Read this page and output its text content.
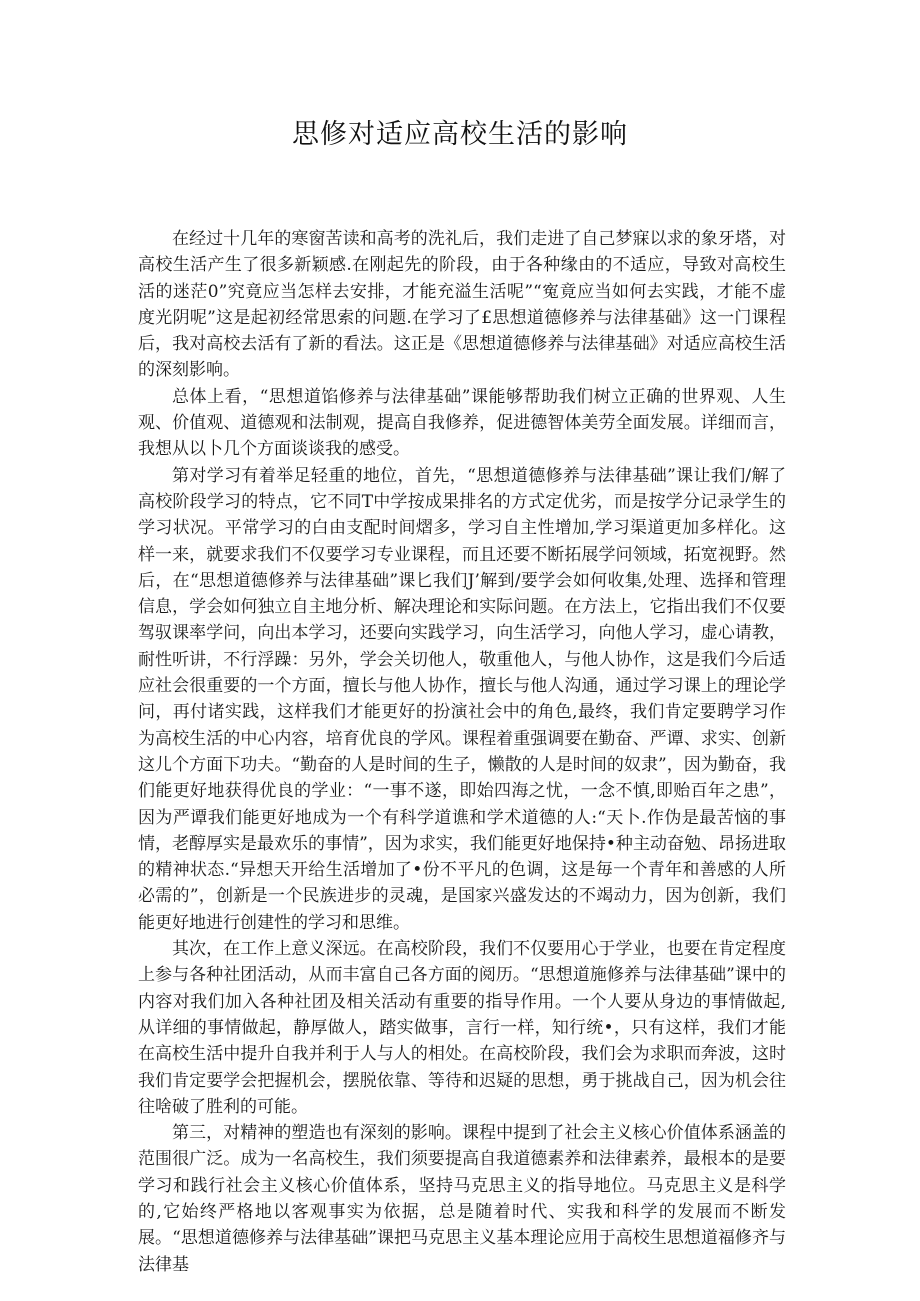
思修对适应高校生活的影响

在经过十几年的寒窗苦读和高考的洗礼后，我们走进了自己梦寐以求的象牙塔，对高校生活产生了很多新颖感.在刚起先的阶段，由于各种缘由的不适应，导致对高校生活的迷茫0”究竟应当怎样去安排，才能充溢生活呢”“寃竟应当如何去实践，才能不虚度光阴呢”这是起初经常思索的问题.在学习了£思想道德修养与法律基础》这一门课程后，我对高校去活有了新的看法。这正是《思想道德修养与法律基础》对适应高校生活的深刻影响。

总体上看，“思想道馅修养与法律基础”课能够帮助我们树立正确的世界观、人生观、价值观、道德观和法制观，提高自我修养，促进德智体美劳全面发展。详细而言，我想从以卜几个方面谈谈我的感受。

第对学习有着举足轻重的地位，首先，“思想道德修养与法律基础”课让我们/解了高校阶段学习的特点，它不同T中学按成果排名的方式定优劣，而是按学分记录学生的学习状况。平常学习的白由支配时间熠多，学习自主性增加,学习渠道更加多样化。这样一来，就要求我们不仅要学习专业课程，而且还要不断拓展学问领域，拓宽视野。然后，在“思想道德修养与法律基础”课匕我们J’解到/要学会如何收集,处理、选择和管理信息，学会如何独立自主地分析、解决理论和实际问题。在方法上，它指出我们不仅要驾驭课率学问，向出本学习，还要向实践学习，向生活学习，向他人学习，虚心请教，耐性听讲，不行浮躁：另外，学会关切他人，敬重他人，与他人协作，这是我们今后适应社会很重要的一个方面，擅长与他人协作，擅长与他人沟通，通过学习课上的理论学问，再付诸实践，这样我们才能更好的扮演社会中的角色,最终，我们肯定要聘学习作为高校生活的中心内容，培育优良的学风。课程着重强调要在勤奋、严谭、求实、创新这儿个方面下功夫。“勤奋的人是时间的生子，懒散的人是时间的奴隶”，因为勤奋，我们能更好地获得优良的学业：“一事不遂，即始四海之忧，一念不慎,即贻百年之患”，因为严谭我们能更好地成为一个有科学道谯和学术道德的人:“天卜.作伪是最苦恼的事情，老醇厚实是最欢乐的事情”，因为求实，我们能更好地保持•种主动奋勉、昂扬进取的精神状态.“异想天开给生活增加了•份不平凡的色调，这是毎一个青年和善感的人所必需的”，创新是一个民族进步的灵魂，是国家兴盛发达的不竭动力，因为创新，我们能更好地进行创建性的学习和思维。

其次，在工作上意义深远。在高校阶段，我们不仅要用心于学业，也要在肯定程度上参与各种社团活动，从而丰富自己各方面的阅历。“思想道施修养与法律基础”课中的内容对我们加入各种社团及相关活动有重要的指导作用。一个人要从身边的事情做起,从详细的事情做起，静厚做人，踏实做事，言行一样，知行统•，只有这样，我们才能在高校生活中提升自我并利于人与人的相处。在高校阶段，我们会为求职而奔波，这时我们肯定要学会把握机会，摆脱依靠、等待和迟疑的思想，勇于挑战自己，因为机会往往啥破了胜利的可能。

第三，对精神的塑造也有深刻的影响。课程中提到了社会主义核心价值体系涵盖的范围很广泛。成为一名高校生，我们须要提高自我道德素养和法律素养，最根本的是要学习和践行社会主义核心价值体系，坚持马克思主义的指导地位。马克思主义是科学的,它始终严格地以客观事实为依据，总是随着时代、实我和科学的发展而不断发展。“思想道德修养与法律基础”课把马克思主义基本理论应用于高校生思想道福修齐与法律基
